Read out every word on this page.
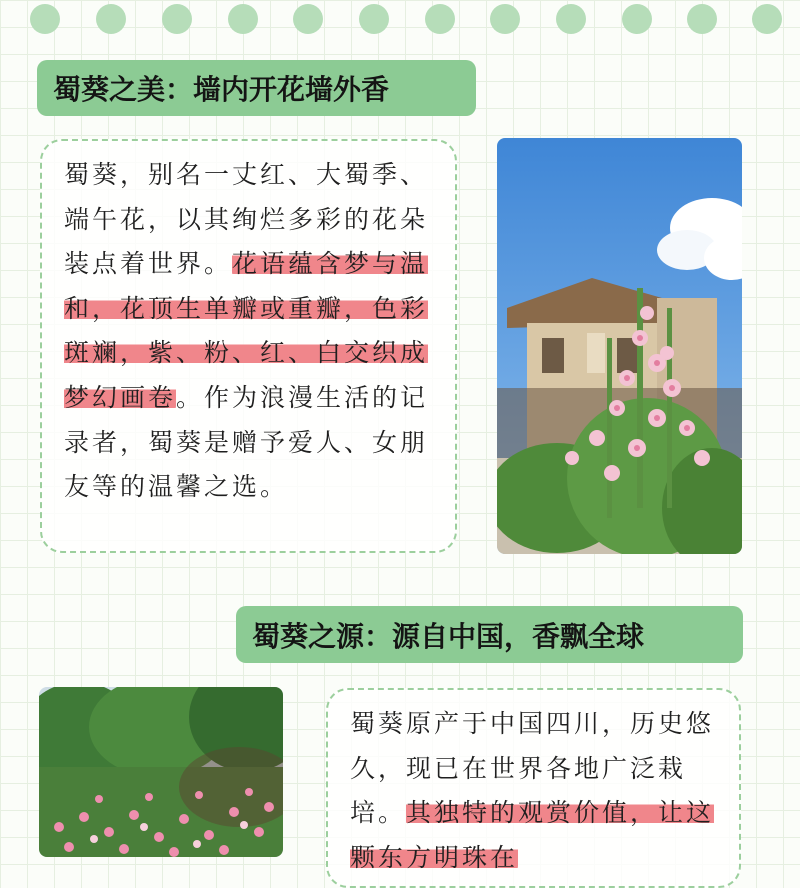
蜀葵之美：墙内开花墙外香
蜀葵，别名一丈红、大蜀季、端午花，以其绚烂多彩的花朵装点着世界。花语蕴含梦与温和，花顶生单瓣或重瓣，色彩斑斓，紫、粉、红、白交织成梦幻画卷。作为浪漫生活的记录者，蜀葵是赠予爱人、女朋友等的温馨之选。
蜀葵之源：源自中国，香飘全球
蜀葵原产于中国四川，历史悠久，现已在世界各地广泛栽培。其独特的观赏价值，让这颗东方明珠在
